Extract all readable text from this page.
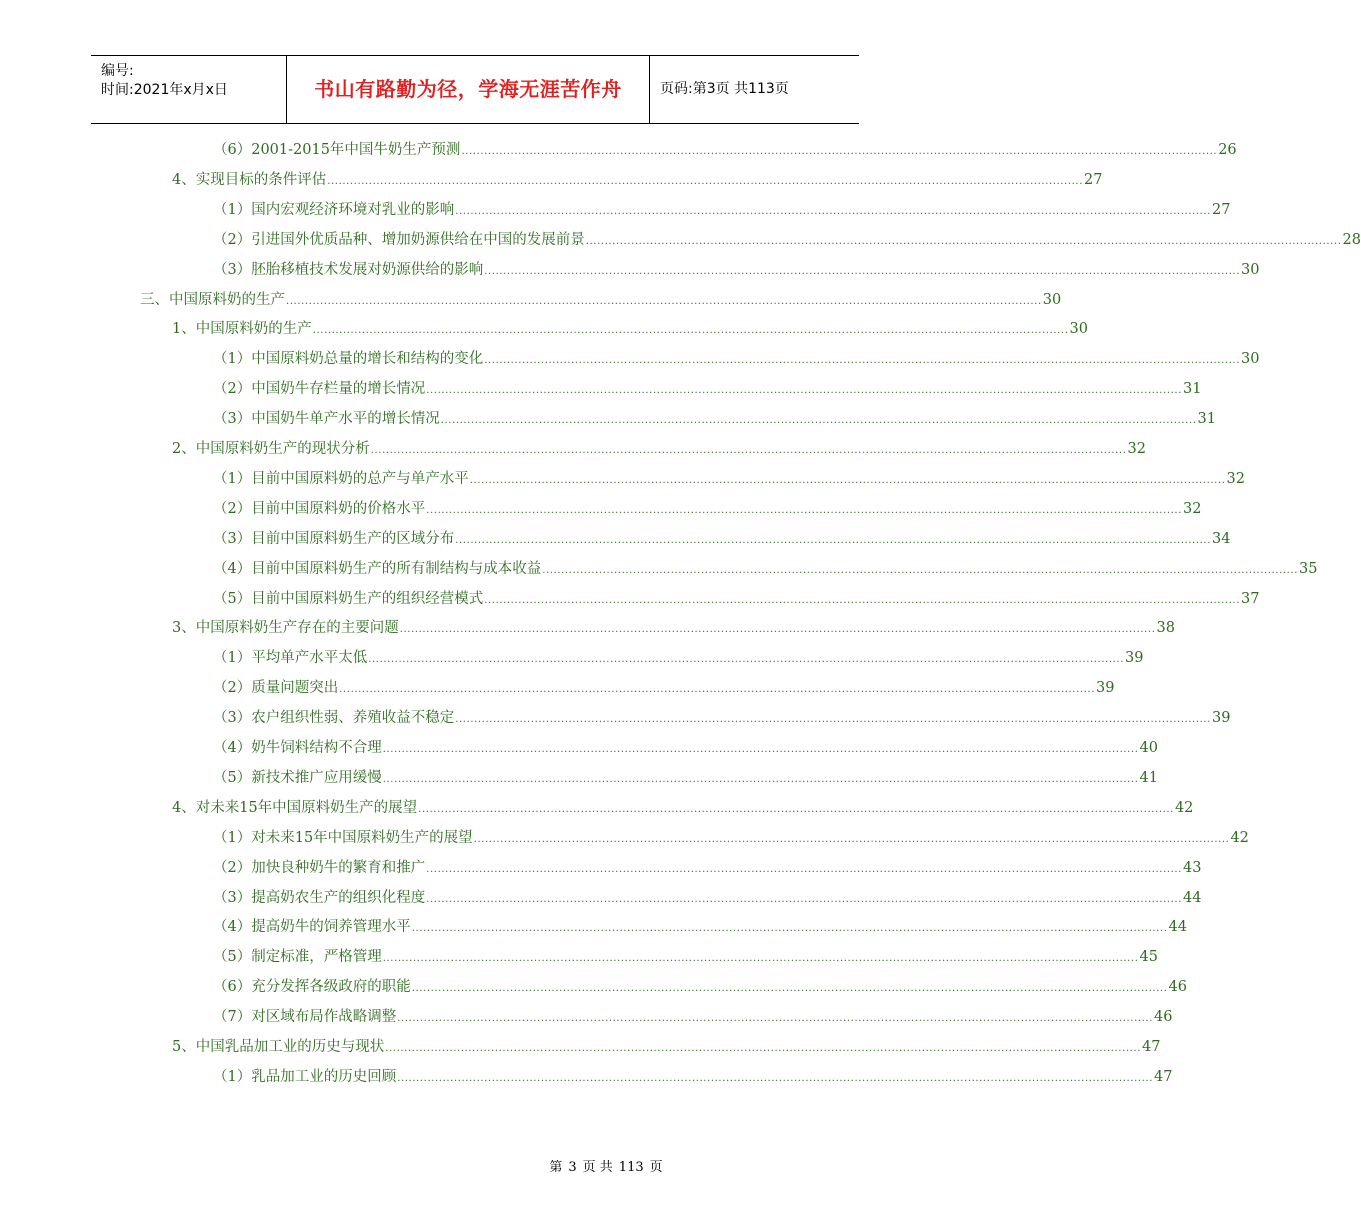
编号:
时间:2021年x月x日	书山有路勤为径，学海无涯苦作舟	页码:第3页 共113页
（6）2001-2015年中国牛奶生产预测 ........................................................................................................................................................................................................ 26
4、实现目标的条件评估 ........................................................................................................................................................................................................ 27
（1）国内宏观经济环境对乳业的影响 ........................................................................................................................................................................................................ 27
（2）引进国外优质品种、增加奶源供给在中国的发展前景 ........................................................................................................................................................................................................ 28
（3）胚胎移植技术发展对奶源供给的影响 ........................................................................................................................................................................................................ 30
三、中国原料奶的生产 ........................................................................................................................................................................................................ 30
1、中国原料奶的生产 ........................................................................................................................................................................................................ 30
（1）中国原料奶总量的增长和结构的变化 ........................................................................................................................................................................................................ 30
（2）中国奶牛存栏量的增长情况 ........................................................................................................................................................................................................ 31
（3）中国奶牛单产水平的增长情况 ........................................................................................................................................................................................................ 31
2、中国原料奶生产的现状分析 ........................................................................................................................................................................................................ 32
（1）目前中国原料奶的总产与单产水平 ........................................................................................................................................................................................................ 32
（2）目前中国原料奶的价格水平 ........................................................................................................................................................................................................ 32
（3）目前中国原料奶生产的区域分布 ........................................................................................................................................................................................................ 34
（4）目前中国原料奶生产的所有制结构与成本收益 ........................................................................................................................................................................................................ 35
（5）目前中国原料奶生产的组织经营模式 ........................................................................................................................................................................................................ 37
3、中国原料奶生产存在的主要问题 ........................................................................................................................................................................................................ 38
（1）平均单产水平太低 ........................................................................................................................................................................................................ 39
（2）质量问题突出 ........................................................................................................................................................................................................ 39
（3）农户组织性弱、养殖收益不稳定 ........................................................................................................................................................................................................ 39
（4）奶牛饲料结构不合理 ........................................................................................................................................................................................................ 40
（5）新技术推广应用缓慢 ........................................................................................................................................................................................................ 41
4、对未来15年中国原料奶生产的展望 ........................................................................................................................................................................................................ 42
（1）对未来15年中国原料奶生产的展望 ........................................................................................................................................................................................................ 42
（2）加快良种奶牛的繁育和推广 ........................................................................................................................................................................................................ 43
（3）提高奶农生产的组织化程度 ........................................................................................................................................................................................................ 44
（4）提高奶牛的饲养管理水平 ........................................................................................................................................................................................................ 44
（5）制定标准，严格管理 ........................................................................................................................................................................................................ 45
（6）充分发挥各级政府的职能 ........................................................................................................................................................................................................ 46
（7）对区域布局作战略调整 ........................................................................................................................................................................................................ 46
5、中国乳品加工业的历史与现状 ........................................................................................................................................................................................................ 47
（1）乳品加工业的历史回顾 ........................................................................................................................................................................................................ 47
第 3 页 共 113 页
